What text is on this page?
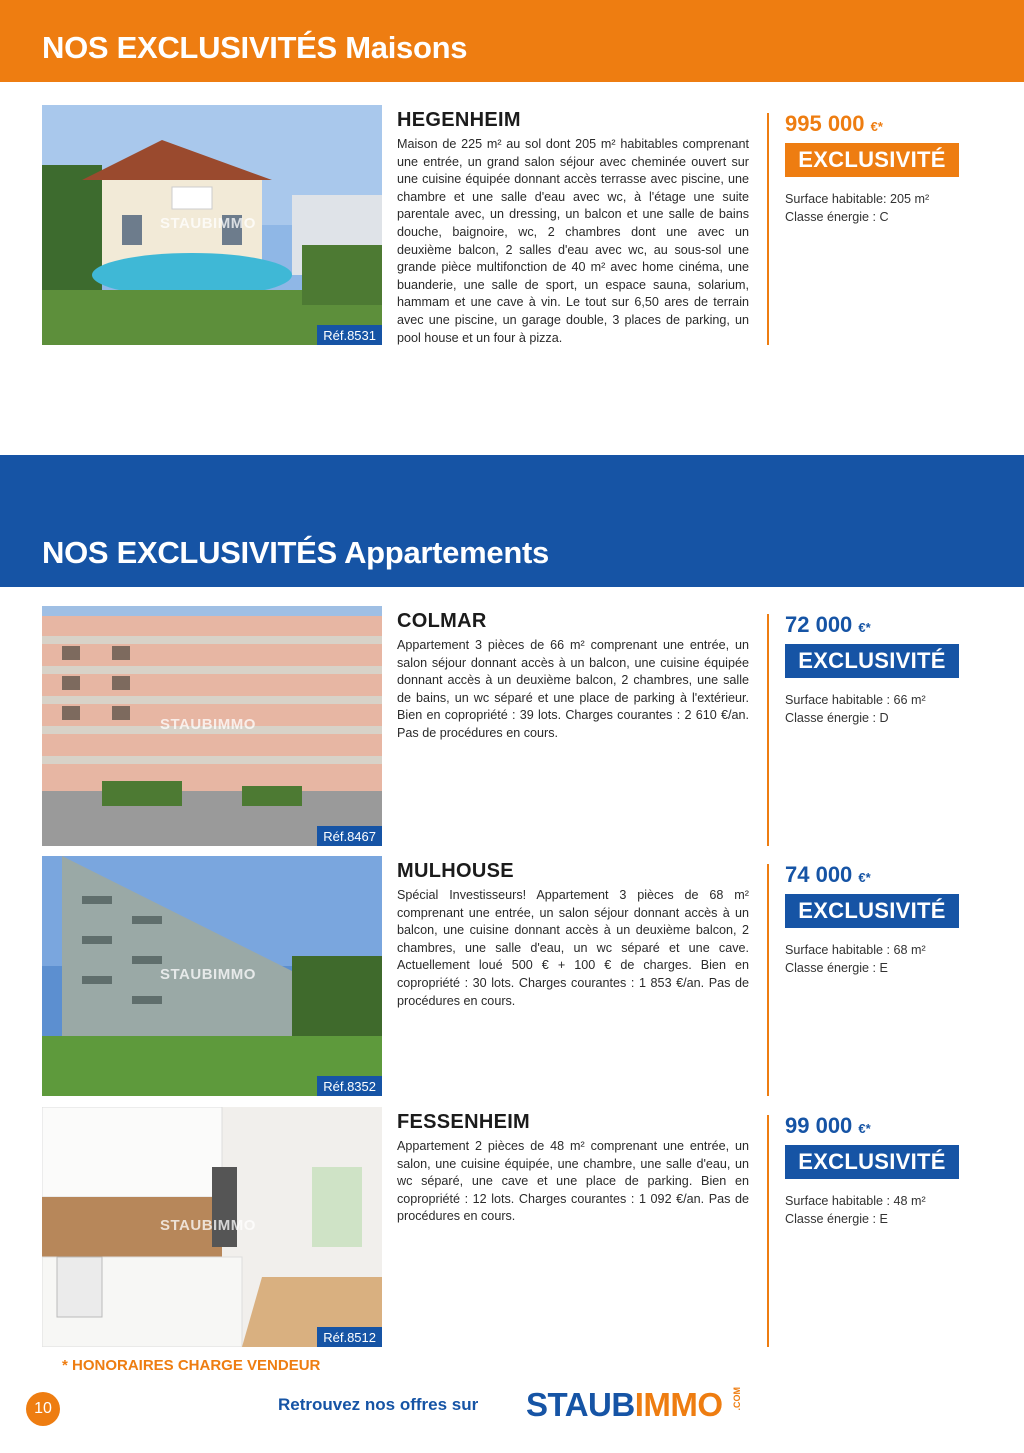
NOS EXCLUSIVITÉS Maisons
STAUBIMMO
Réf.8531
HEGENHEIM

Maison de 225 m² au sol dont 205 m² habitables comprenant une entrée, un grand salon séjour avec cheminée ouvert sur une cuisine équipée donnant accès terrasse avec piscine, une chambre et une salle d'eau avec wc, à l'étage une suite parentale avec, un dressing, un balcon et une salle de bains douche, baignoire, wc, 2 chambres dont une avec un deuxième balcon, 2 salles d'eau avec wc, au sous-sol une grande pièce multifonction de 40 m² avec home cinéma, une buanderie, une salle de sport, un espace sauna, solarium, hammam et une cave à vin. Le tout sur 6,50 ares de terrain avec une piscine, un garage double, 3 places de parking, un pool house et un four à pizza.

995 000 €*
EXCLUSIVITÉ
Surface habitable: 205 m²
Classe énergie : C
NOS EXCLUSIVITÉS Appartements
STAUBIMMO
Réf.8467
COLMAR

Appartement 3 pièces de 66 m² comprenant une entrée, un salon séjour donnant accès à un balcon, une cuisine équipée donnant accès à un deuxième balcon, 2 chambres, une salle de bains, un wc séparé et une place de parking à l'extérieur. Bien en copropriété : 39 lots. Charges courantes : 2 610 €/an. Pas de procédures en cours.

72 000 €*
EXCLUSIVITÉ
Surface habitable : 66 m²
Classe énergie : D
STAUBIMMO
Réf.8352
MULHOUSE

Spécial Investisseurs! Appartement 3 pièces de 68 m² comprenant une entrée, un salon séjour donnant accès à un balcon, une cuisine donnant accès à un deuxième balcon, 2 chambres, une salle d'eau, un wc séparé et une cave. Actuellement loué 500 € + 100 € de charges. Bien en copropriété : 30 lots. Charges courantes : 1 853 €/an. Pas de procédures en cours.

74 000 €*
EXCLUSIVITÉ
Surface habitable : 68 m²
Classe énergie : E
STAUBIMMO
Réf.8512
FESSENHEIM

Appartement 2 pièces de 48 m² comprenant une entrée, un salon, une cuisine équipée, une chambre, une salle d'eau, un wc séparé, une cave et une place de parking. Bien en copropriété : 12 lots. Charges courantes : 1 092 €/an. Pas de procédures en cours.

99 000 €*
EXCLUSIVITÉ
Surface habitable : 48 m²
Classe énergie : E
* HONORAIRES CHARGE VENDEUR
10	Retrouvez nos offres sur STAUBIMMO .COM
